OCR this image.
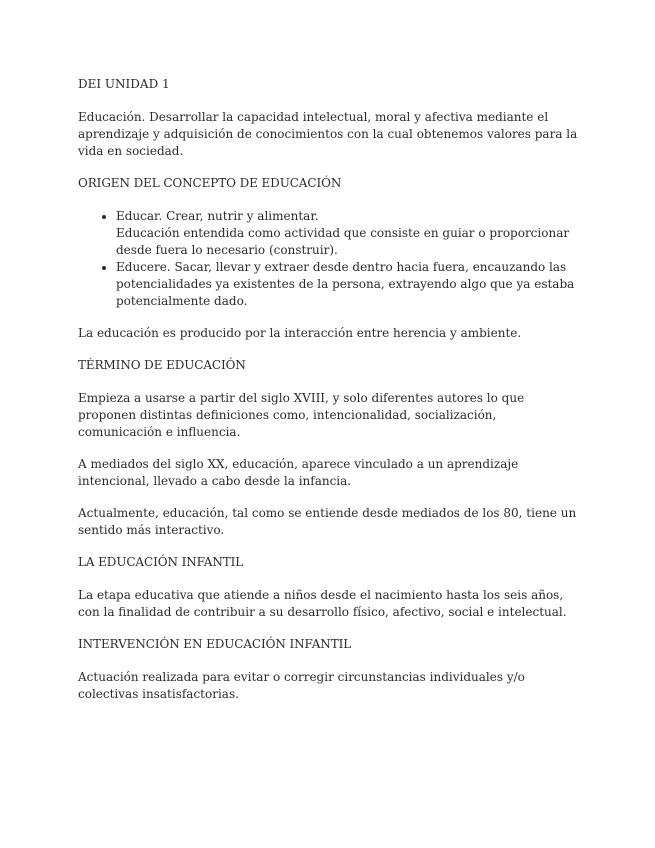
DEI UNIDAD 1

Educación. Desarrollar la capacidad intelectual, moral y afectiva mediante el aprendizaje y adquisición de conocimientos con la cual obtenemos valores para la vida en sociedad.

ORIGEN DEL CONCEPTO DE EDUCACIÓN
• Educar. Crear, nutrir y alimentar.
Educación entendida como actividad que consiste en guiar o proporcionar desde fuera lo necesario (construir).
• Educere. Sacar, llevar y extraer desde dentro hacia fuera, encauzando las potencialidades ya existentes de la persona, extrayendo algo que ya estaba potencialmente dado.

La educación es producido por la interacción entre herencia y ambiente.

TÉRMINO DE EDUCACIÓN

Empieza a usarse a partir del siglo XVIII, y solo diferentes autores lo que proponen distintas definiciones como, intencionalidad, socialización, comunicación e influencia.

A mediados del siglo XX, educación, aparece vinculado a un aprendizaje intencional, llevado a cabo desde la infancia.

Actualmente, educación, tal como se entiende desde mediados de los 80, tiene un sentido más interactivo.

LA EDUCACIÓN INFANTIL

La etapa educativa que atiende a niños desde el nacimiento hasta los seis años, con la finalidad de contribuir a su desarrollo físico, afectivo, social e intelectual.

INTERVENCIÓN EN EDUCACIÓN INFANTIL

Actuación realizada para evitar o corregir circunstancias individuales y/o colectivas insatisfactorias.
